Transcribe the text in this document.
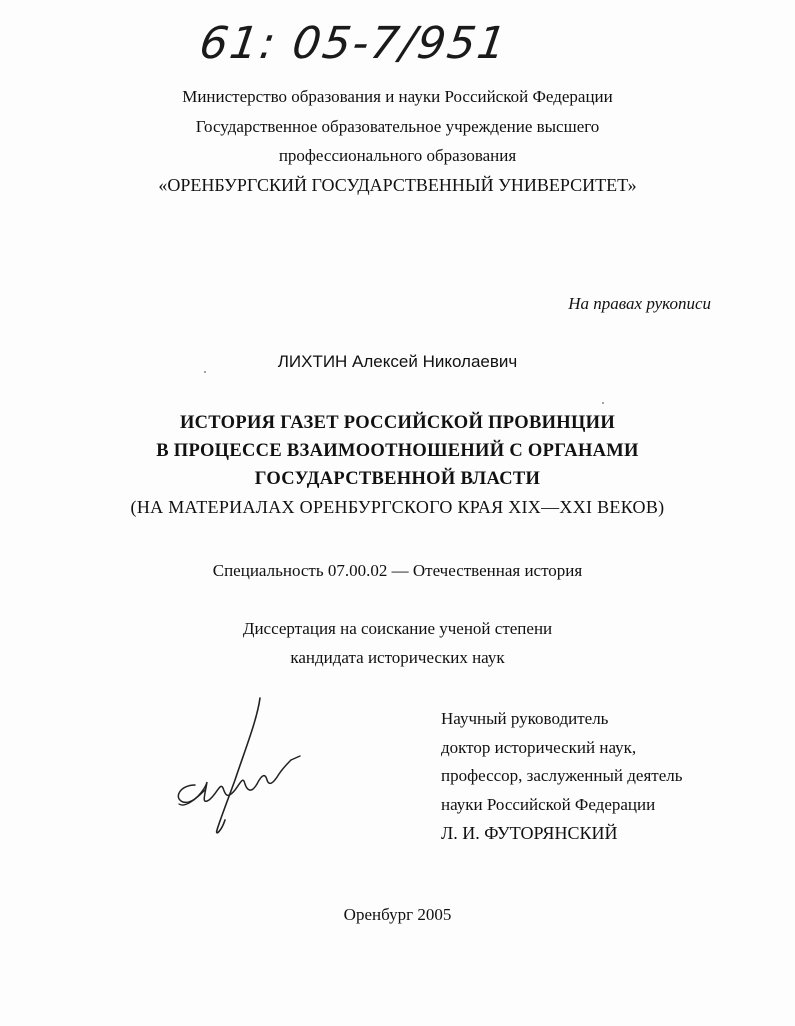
61: 05-7/951
Министерство образования и науки Российской Федерации
Государственное образовательное учреждение высшего
профессионального образования
«ОРЕНБУРГСКИЙ ГОСУДАРСТВЕННЫЙ УНИВЕРСИТЕТ»
На правах рукописи
ЛИХТИН Алексей Николаевич
ИСТОРИЯ ГАЗЕТ РОССИЙСКОЙ ПРОВИНЦИИ
В ПРОЦЕССЕ ВЗАИМООТНОШЕНИЙ С ОРГАНАМИ
ГОСУДАРСТВЕННОЙ ВЛАСТИ
(НА МАТЕРИАЛАХ ОРЕНБУРГСКОГО КРАЯ XIX—XXI ВЕКОВ)
Специальность 07.00.02 — Отечественная история
Диссертация на соискание ученой степени
кандидата исторических наук
Научный руководитель
доктор исторический наук,
профессор, заслуженный деятель
науки Российской Федерации
Л. И. ФУТОРЯНСКИЙ
Оренбург 2005
